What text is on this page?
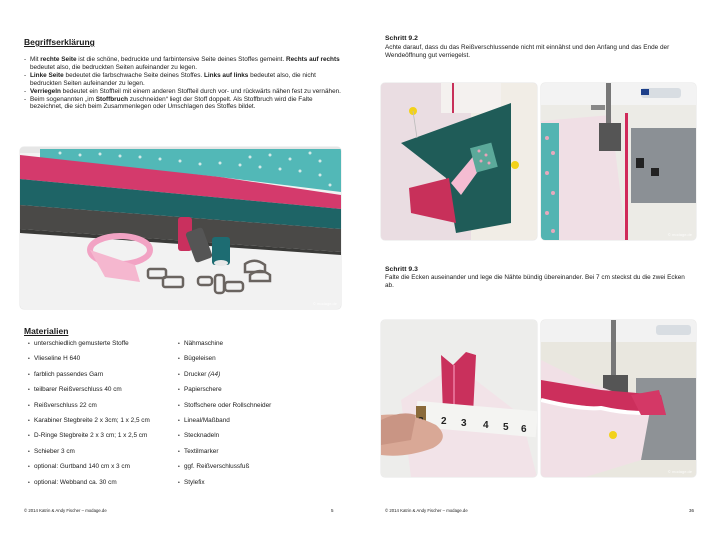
Begriffserklärung
- Mit rechte Seite ist die schöne, bedruckte und farbintensive Seite deines Stoffes gemeint. Rechts auf rechts bedeutet also, die bedruckten Seiten aufeinander zu legen.
- Linke Seite bedeutet die farbschwache Seite deines Stoffes. Links auf links bedeutet also, die nicht bedruckten Seiten aufeinander zu legen.
- Verriegeln bedeutet ein Stoffteil mit einem anderen Stoffteil durch vor- und rückwärts nähen fest zu vernähen.
- Beim sogenannten „im Stoffbruch zuschneiden“ liegt der Stoff doppelt. Als Stoffbruch wird die Falte bezeichnet, die sich beim Zusammenlegen oder Umschlagen des Stoffes bildet.
© modage.de
Materialien
• unterschiedlich gemusterte Stoffe
• Vlieseline H 640
• farblich passendes Garn
• teilbarer Reißverschluss 40 cm
• Reißverschluss 22 cm
• Karabiner Stegbreite 2 x 3cm; 1 x 2,5 cm
• D-Ringe Stegbreite 2 x 3 cm; 1 x 2,5 cm
• Schieber 3 cm
• optional: Gurtband 140 cm x 3 cm
• optional: Webband ca. 30 cm
• Nähmaschine
• Bügeleisen
• Drucker (A4)
• Papierschere
• Stoffschere oder Rollschneider
• Lineal/Maßband
• Stecknadeln
• Textilmarker
• ggf. Reißverschlussfuß
• Stylefix
© 2014 Katrin & Andy Fischer – modage.de	5
Schritt 9.2
Achte darauf, dass du das Reißverschlussende nicht mit einnähst und den Anfang und das Ende der Wendeöffnung gut verriegelst.
© modage.de
Schritt 9.3
Falte die Ecken auseinander und lege die Nähte bündig übereinander. Bei 7 cm steckst du die zwei Ecken ab.
2 3 4 5 6
© modage.de
© 2014 Katrin & Andy Fischer – modage.de	36
